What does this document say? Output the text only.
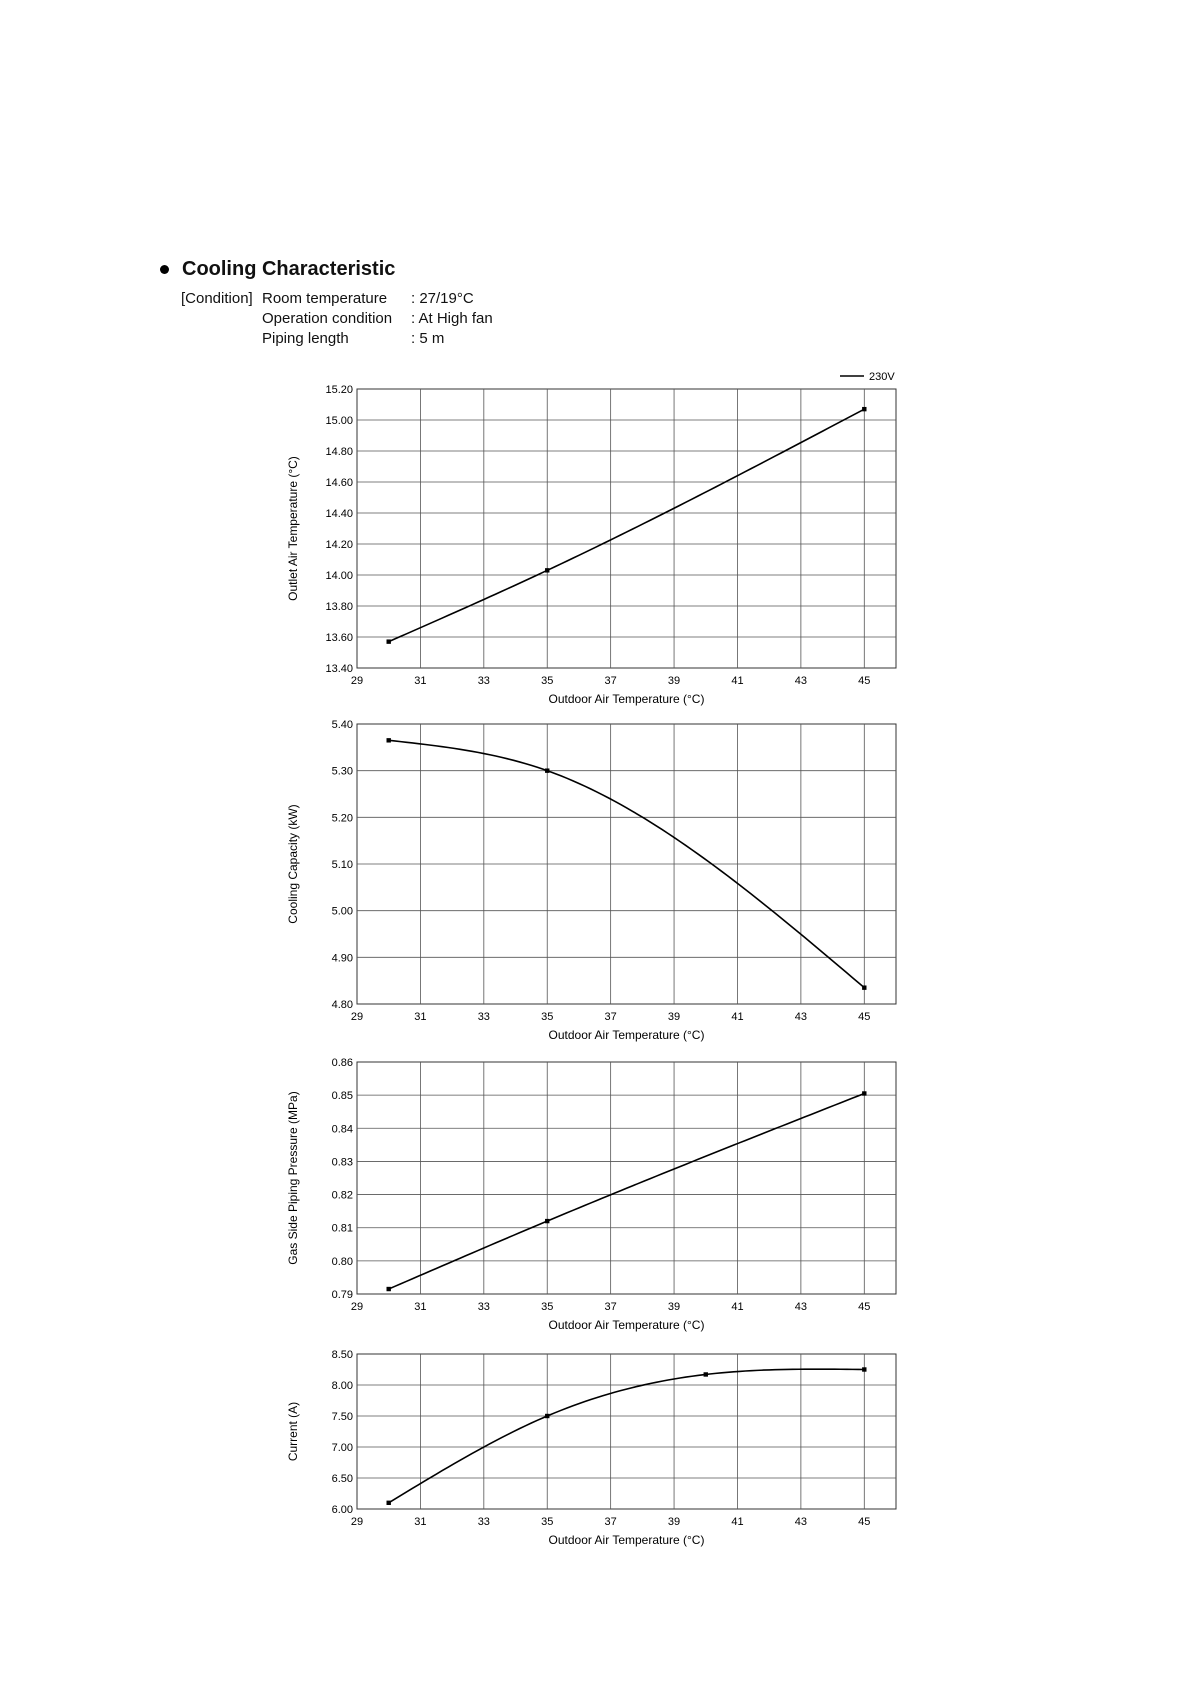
Cooling Characteristic
[Condition] Room temperature : 27/19°C
Operation condition : At High fan
Piping length	: 5 m
230V
13.40
13.60
13.80
14.00
14.20
14.40
14.60
14.80
15.00
15.20
29	31	33	35	37	39	41	43	45
Outdoor Air Temperature (°C)
Outlet Air Temperature (°C)
4.80
4.90
5.00
5.10
5.20
5.30
5.40
29	31	33	35	37	39	41	43	45
Outdoor Air Temperature (°C)
Cooling Capacity (kW)
0.79
0.80
0.81
0.82
0.83
0.84
0.85
0.86
29	31	33	35	37	39	41	43	45
Outdoor Air Temperature (°C)
Gas Side Piping Pressure (MPa)
6.00
6.50
7.00
7.50
8.00
8.50
29	31	33	35	37	39	41	43	45
Outdoor Air Temperature (°C)
Current (A)
